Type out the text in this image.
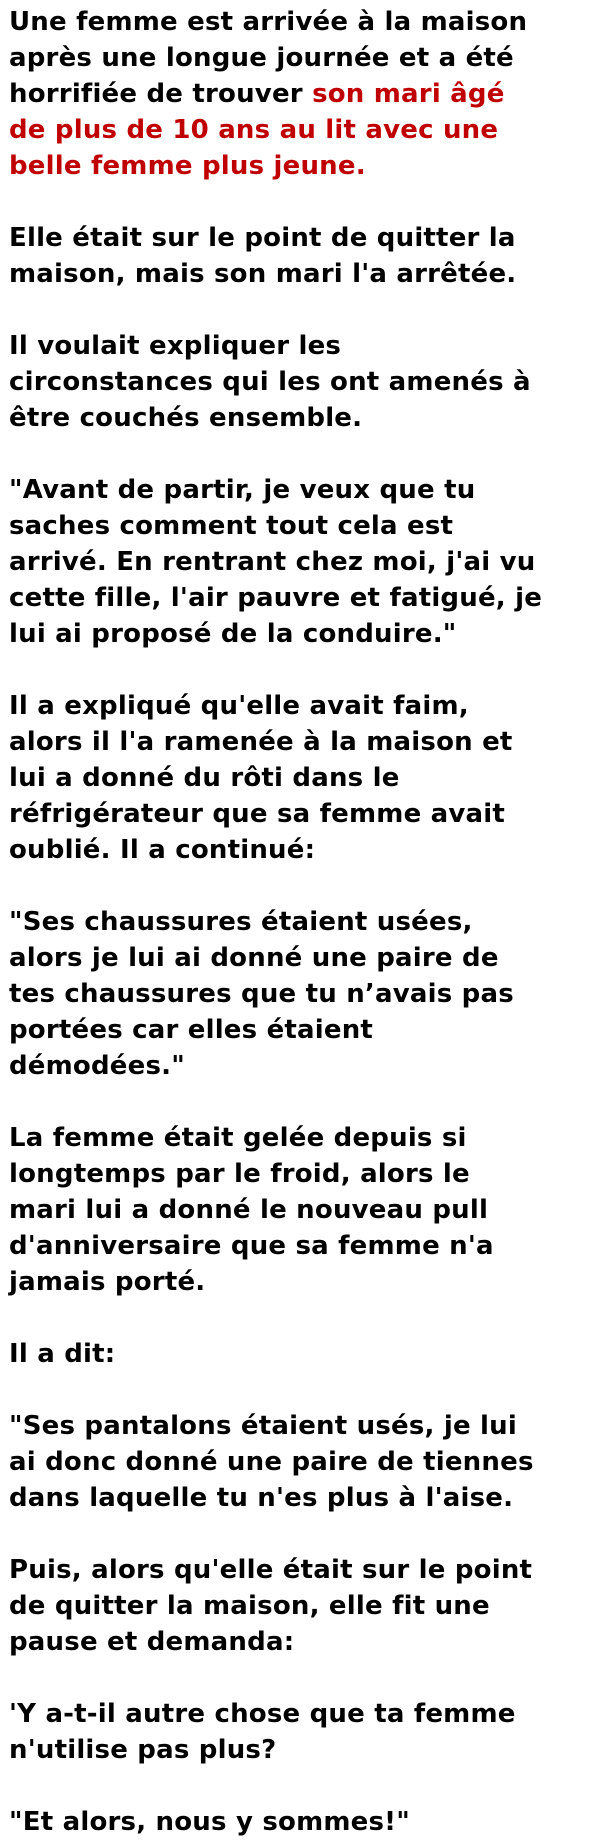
Une femme est arrivée à la maison
après une longue journée et a été
horrifiée de trouver son mari âgé
de plus de 10 ans au lit avec une
belle femme plus jeune.

Elle était sur le point de quitter la
maison, mais son mari l'a arrêtée.

Il voulait expliquer les
circonstances qui les ont amenés à
être couchés ensemble.

"Avant de partir, je veux que tu
saches comment tout cela est
arrivé. En rentrant chez moi, j'ai vu
cette fille, l'air pauvre et fatigué, je
lui ai proposé de la conduire."

Il a expliqué qu'elle avait faim,
alors il l'a ramenée à la maison et
lui a donné du rôti dans le
réfrigérateur que sa femme avait
oublié. Il a continué:

"Ses chaussures étaient usées,
alors je lui ai donné une paire de
tes chaussures que tu n’avais pas
portées car elles étaient
démodées."

La femme était gelée depuis si
longtemps par le froid, alors le
mari lui a donné le nouveau pull
d'anniversaire que sa femme n'a
jamais porté.

Il a dit:

"Ses pantalons étaient usés, je lui
ai donc donné une paire de tiennes
dans laquelle tu n'es plus à l'aise.

Puis, alors qu'elle était sur le point
de quitter la maison, elle fit une
pause et demanda:

'Y a-t-il autre chose que ta femme
n'utilise pas plus?

"Et alors, nous y sommes!"
